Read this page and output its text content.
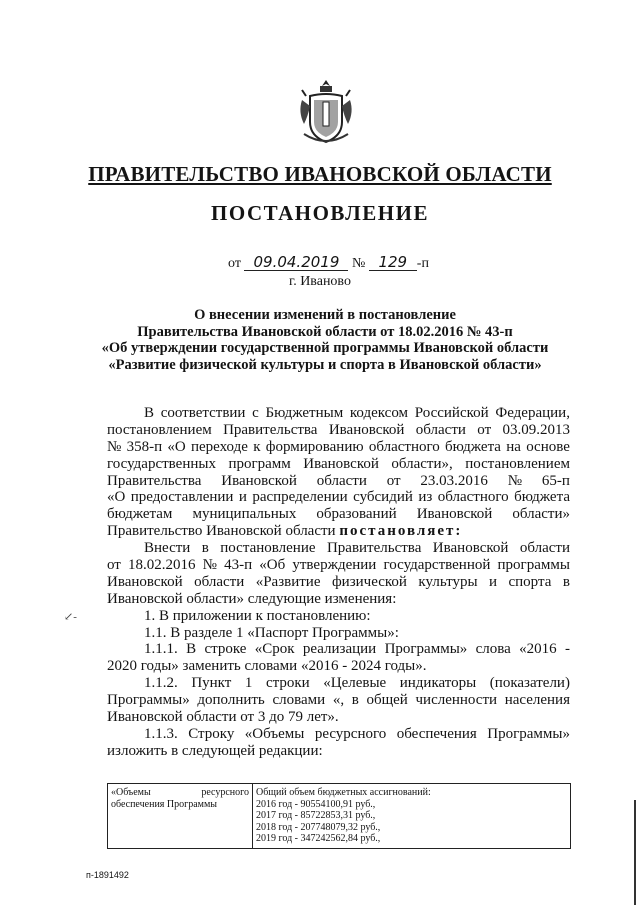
ПРАВИТЕЛЬСТВО ИВАНОВСКОЙ ОБЛАСТИ
ПОСТАНОВЛЕНИЕ
от 09.04.2019 № 129 -п
г. Иваново
О внесении изменений в постановление
Правительства Ивановской области от 18.02.2016 № 43-п
«Об утверждении государственной программы Ивановской области
«Развитие физической культуры и спорта в Ивановской области»
В соответствии с Бюджетным кодексом Российской Федерации,
постановлением Правительства Ивановской области от 03.09.2013
№ 358-п «О переходе к формированию областного бюджета на основе
государственных программ Ивановской области», постановлением
Правительства Ивановской области от 23.03.2016 № 65-п
«О предоставлении и распределении субсидий из областного бюджета
бюджетам муниципальных образований Ивановской области»
Правительство Ивановской области постановляет:
Внести в постановление Правительства Ивановской области
от 18.02.2016 № 43-п «Об утверждении государственной программы
Ивановской области «Развитие физической культуры и спорта в
Ивановской области» следующие изменения:
1. В приложении к постановлению:
1.1. В разделе 1 «Паспорт Программы»:
1.1.1. В строке «Срок реализации Программы» слова «2016 -
2020 годы» заменить словами «2016 - 2024 годы».
1.1.2. Пункт 1 строки «Целевые индикаторы (показатели)
Программы» дополнить словами «, в общей численности населения
Ивановской области от 3 до 79 лет».
1.1.3. Строку «Объемы ресурсного обеспечения Программы»
изложить в следующей редакции:
«Объемы	ресурсного
обеспечения Программы

Общий объем бюджетных ассигнований:
2016 год - 90554100,91 руб.,
2017 год - 85722853,31 руб.,
2018 год - 207748079,32 руб.,
2019 год - 347242562,84 руб.,
↙-
п-1891492
